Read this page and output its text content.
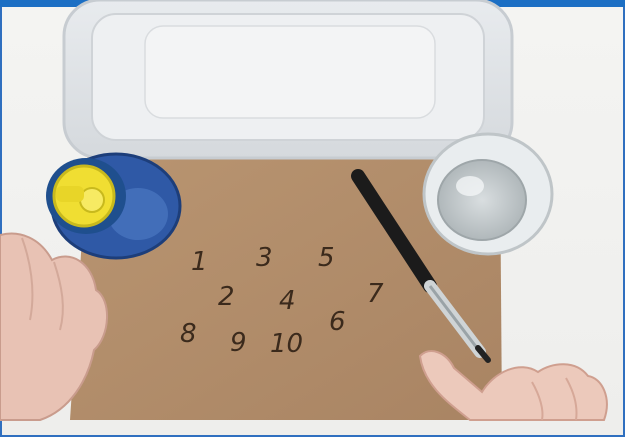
1 3 5
2 4	7
6
8 9 10
